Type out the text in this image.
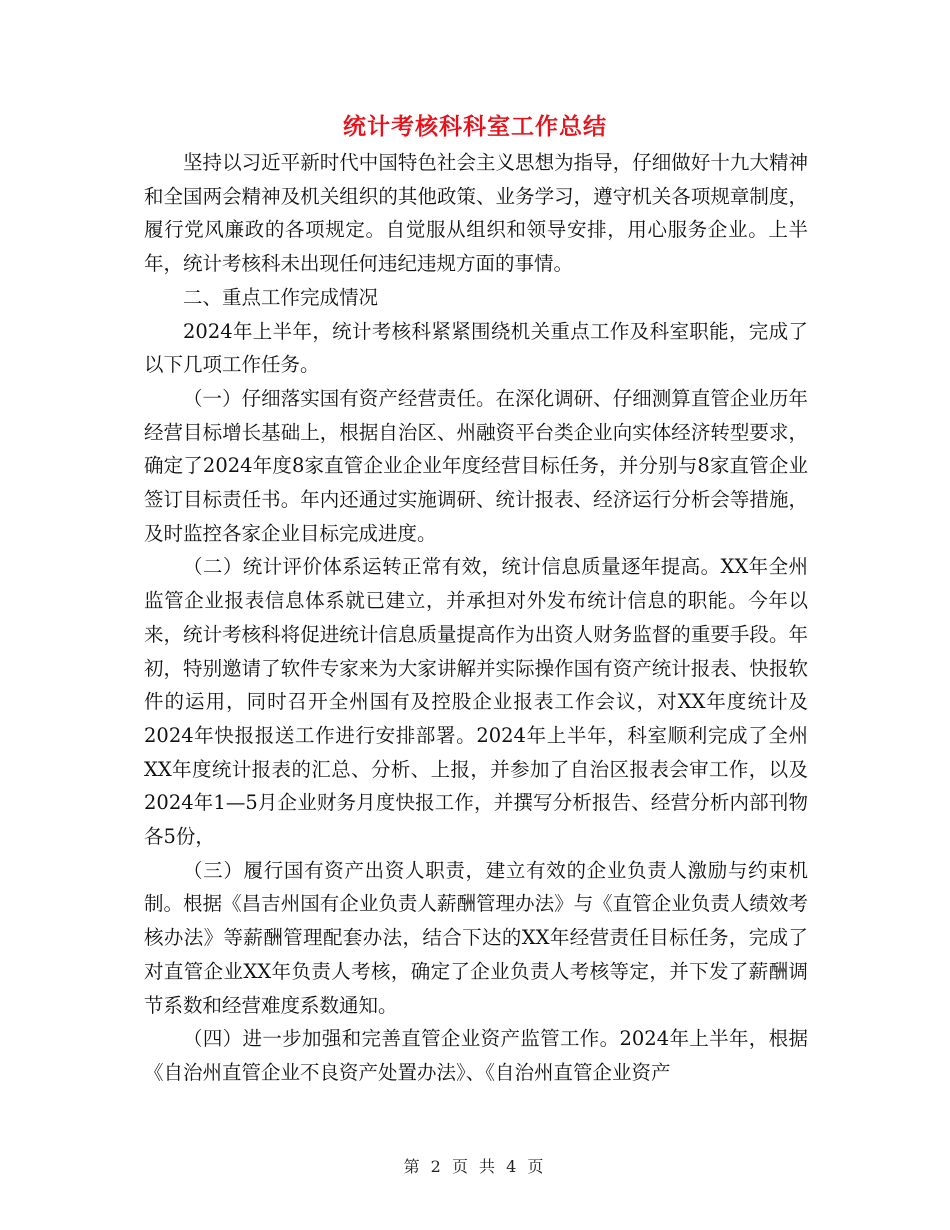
统计考核科科室工作总结

坚持以习近平新时代中国特色社会主义思想为指导，仔细做好十九大精神和全国两会精神及机关组织的其他政策、业务学习，遵守机关各项规章制度，履行党风廉政的各项规定。自觉服从组织和领导安排，用心服务企业。上半年，统计考核科未出现任何违纪违规方面的事情。

二、重点工作完成情况

2024年上半年，统计考核科紧紧围绕机关重点工作及科室职能，完成了以下几项工作任务。

（一）仔细落实国有资产经营责任。在深化调研、仔细测算直管企业历年经营目标增长基础上，根据自治区、州融资平台类企业向实体经济转型要求，确定了2024年度8家直管企业企业年度经营目标任务，并分别与8家直管企业签订目标责任书。年内还通过实施调研、统计报表、经济运行分析会等措施，及时监控各家企业目标完成进度。

（二）统计评价体系运转正常有效，统计信息质量逐年提高。XX年全州监管企业报表信息体系就已建立，并承担对外发布统计信息的职能。今年以来，统计考核科将促进统计信息质量提高作为出资人财务监督的重要手段。年初，特别邀请了软件专家来为大家讲解并实际操作国有资产统计报表、快报软件的运用，同时召开全州国有及控股企业报表工作会议，对XX年度统计及2024年快报报送工作进行安排部署。2024年上半年，科室顺利完成了全州XX年度统计报表的汇总、分析、上报，并参加了自治区报表会审工作，以及2024年1—5月企业财务月度快报工作，并撰写分析报告、经营分析内部刊物各5份，

（三）履行国有资产出资人职责，建立有效的企业负责人激励与约束机制。根据《昌吉州国有企业负责人薪酬管理办法》与《直管企业负责人绩效考核办法》等薪酬管理配套办法，结合下达的XX年经营责任目标任务，完成了对直管企业XX年负责人考核，确定了企业负责人考核等定，并下发了薪酬调节系数和经营难度系数通知。

（四）进一步加强和完善直管企业资产监管工作。2024年上半年，根据《自治州直管企业不良资产处置办法》、《自治州直管企业资产

第 2 页 共 4 页
